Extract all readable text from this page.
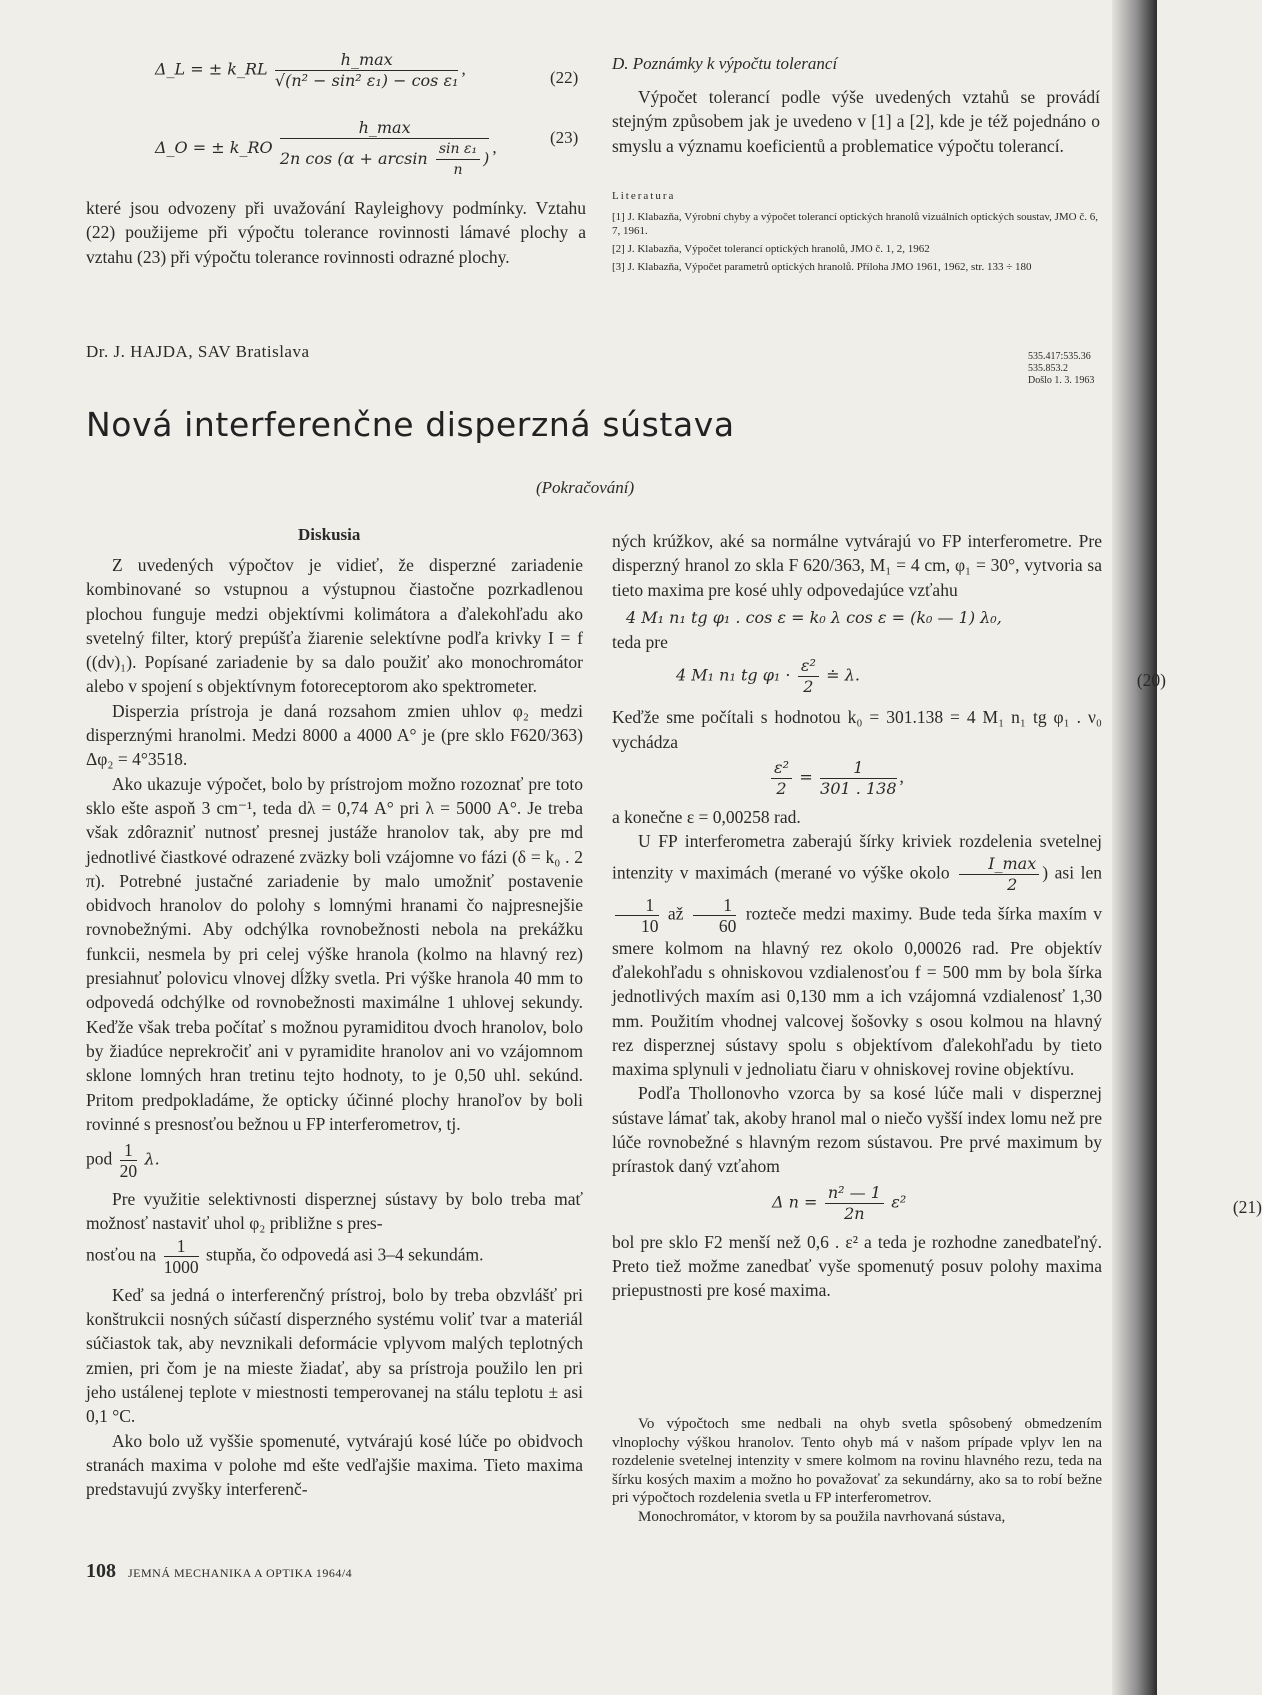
Δ_L = ± k_RL $\frac{h\_\max}{\text{√(n² − sin² ε₁) − cos ε₁}}$ ,	(22)
Δ_O = ± k_RO
h_max
2n $\cos (\alpha + \arcsin \frac{\text{sin ε₁}}{n}$ )
,
(23)

které jsou odvozeny při uvažování Rayleighovy podmínky. Vztahu (22) použijeme při výpočtu tolerance rovinnosti lámavé plochy a vztahu (23) při výpočtu tolerance rovinnosti odrazné plochy.

Dr. J. HAJDA, SAV Bratislava
D. Poznámky k výpočtu tolerancí

Výpočet tolerancí podle výše uvedených vztahů se provádí stejným způsobem jak je uvedeno v [1] a [2], kde je též pojednáno o smyslu a významu koeficientů a problematice výpočtu tolerancí.

Literatura
[1] J. Klabazňa, Výrobní chyby a výpočet tolerancí optických hranolů vizuálních optických soustav, JMO č. 6, 7, 1961.
[2] J. Klabazňa, Výpočet tolerancí optických hranolů, JMO č. 1, 2, 1962
[3] J. Klabazňa, Výpočet parametrů optických hranolů. Příloha JMO 1961, 1962, str. 133 ÷ 180
535.417:535.36
535.853.2
Došlo 1. 3. 1963
Nová interferenčne disperzná sústava
(Pokračování)
Diskusia

Z uvedených výpočtov je vidieť, že disperzné zariadenie kombinované so vstupnou a výstupnou čiastočne pozrkadlenou plochou funguje medzi objektívmi kolimátora a ďalekohľadu ako svetelný filter, ktorý prepúšťa žiarenie selektívne podľa krivky I = f ((dν)₁). Popísané zariadenie by sa dalo použiť ako monochromátor alebo v spojení s objektívnym fotoreceptorom ako spektrometer.

Disperzia prístroja je daná rozsahom zmien uhlov φ₂ medzi disperznými hranolmi. Medzi 8000 a 4000 A° je (pre sklo F620/363) Δφ₂ = 4°3518.

Ako ukazuje výpočet, bolo by prístrojom možno rozoznať pre toto sklo ešte aspoň 3 cm⁻¹, teda dλ = 0,74 A° pri λ = 5000 A°. Je treba však zdôrazniť nutnosť presnej justáže hranolov tak, aby pre md jednotlivé čiastkové odrazené zväzky boli vzájomne vo fázi (δ = k₀ . 2 π). Potrebné justačné zariadenie by malo umožniť postavenie obidvoch hranolov do polohy s lomnými hranami čo najpresnejšie rovnobežnými. Aby odchýlka rovnobežnosti nebola na prekážku funkcii, nesmela by pri celej výške hranola (kolmo na hlavný rez) presiahnuť polovicu vlnovej dĺžky svetla. Pri výške hranola 40 mm to odpovedá odchýlke od rovnobežnosti maximálne 1 uhlovej sekundy. Keďže však treba počítať s možnou pyramiditou dvoch hranolov, bolo by žiadúce neprekročiť ani v pyramidite hranolov ani vo vzájomnom sklone lomných hran tretinu tejto hodnoty, to je 0,50 uhl. sekúnd. Pritom predpokladáme, že opticky účinné plochy hranoľov by boli rovinné s presnosťou bežnou u FP interferometrov, tj.

pod $\frac{1}{20} \lambda$.

Pre využitie selektivnosti disperznej sústavy by bolo treba mať možnosť nastaviť uhol φ₂ približne s pres-

nosťou na $\frac{1}{1000}$ stupňa, čo odpovedá asi 3–4 sekundám.

Keď sa jedná o interferenčný prístroj, bolo by treba obzvlášť pri konštrukcii nosných súčastí disperzného systému voliť tvar a materiál súčiastok tak, aby nevznikali deformácie vplyvom malých teplotných zmien, pri čom je na mieste žiadať, aby sa prístroja použilo len pri jeho ustálenej teplote v miestnosti temperovanej na stálu teplotu ± asi 0,1 °C.

Ako bolo už vyššie spomenuté, vytvárajú kosé lúče po obidvoch stranách maxima v polohe md ešte vedľajšie maxima. Tieto maxima predstavujú zvyšky interferenč-

ných krúžkov, aké sa normálne vytvárajú vo FP interferometre. Pre disperzný hranol zo skla F 620/363, M₁ = 4 cm, φ₁ = 30°, vytvoria sa tieto maxima pre kosé uhly odpovedajúce vzťahu

4 M₁ n₁ tg φ₁ . cos ε = k₀ λ cos ε = (k₀ — 1) λ₀,

teda pre

4 M₁ n₁ tg $\varphi_1 \cdot \frac{\text{ε²}}{2}$ ≐ λ.	(20)

Keďže sme počítali s hodnotou k₀ = 301.138 = 4 M₁ n₁ tg φ₁ . ν₀ vychádza

$\frac{\text{ε²}}{2} = \frac{1}{301 . 138}$ ,

a konečne ε = 0,00258 rad.

U FP interferometra zaberajú šírky kriviek rozdelenia svetelnej intenzity v maximách (merané vo výške okolo $\frac{I\_\max}{2}$ ) asi len
$\frac{1}{10}$ až $\frac{1}{60}$ rozteče medzi maximy. Bude teda šírka maxím v smere kolmom na hlavný rez okolo 0,00026 rad. Pre objektív ďalekohľadu s ohniskovou vzdialenosťou f = 500 mm by bola šírka jednotlivých maxím asi 0,130 mm a ich vzájomná vzdialenosť 1,30 mm. Použitím vhodnej valcovej šošovky s osou kolmou na hlavný rez disperznej sústavy spolu s objektívom ďalekohľadu by tieto maxima splynuli v jednoliatu čiaru v ohniskovej rovine objektívu.

Podľa Thollonovho vzorca by sa kosé lúče mali v disperznej sústave lámať tak, akoby hranol mal o niečo vyšší index lomu než pre lúče rovnobežné s hlavným rezom sústavou. Pre prvé maximum by prírastok daný vzťahom

Δ $n = \frac{\text{n² — 1}}{2n} \varepsilon^2$	(21)

bol pre sklo F2 menší než 0,6 . ε² a teda je rozhodne zanedbateľný. Preto tiež možme zanedbať vyše spomenutý posuv polohy maxima priepustnosti pre kosé maxima.

Vo výpočtoch sme nedbali na ohyb svetla spôsobený obmedzením vlnoplochy výškou hranolov. Tento ohyb má v našom prípade vplyv len na rozdelenie svetelnej intenzity v smere kolmom na rovinu hlavného rezu, teda na šírku kosých maxim a možno ho považovať za sekundárny, ako sa to robí bežne pri výpočtoch rozdelenia svetla u FP interferometrov.

Monochromátor, v ktorom by sa použila navrhovaná sústava,

108 JEMNÁ MECHANIKA A OPTIKA 1964/4
